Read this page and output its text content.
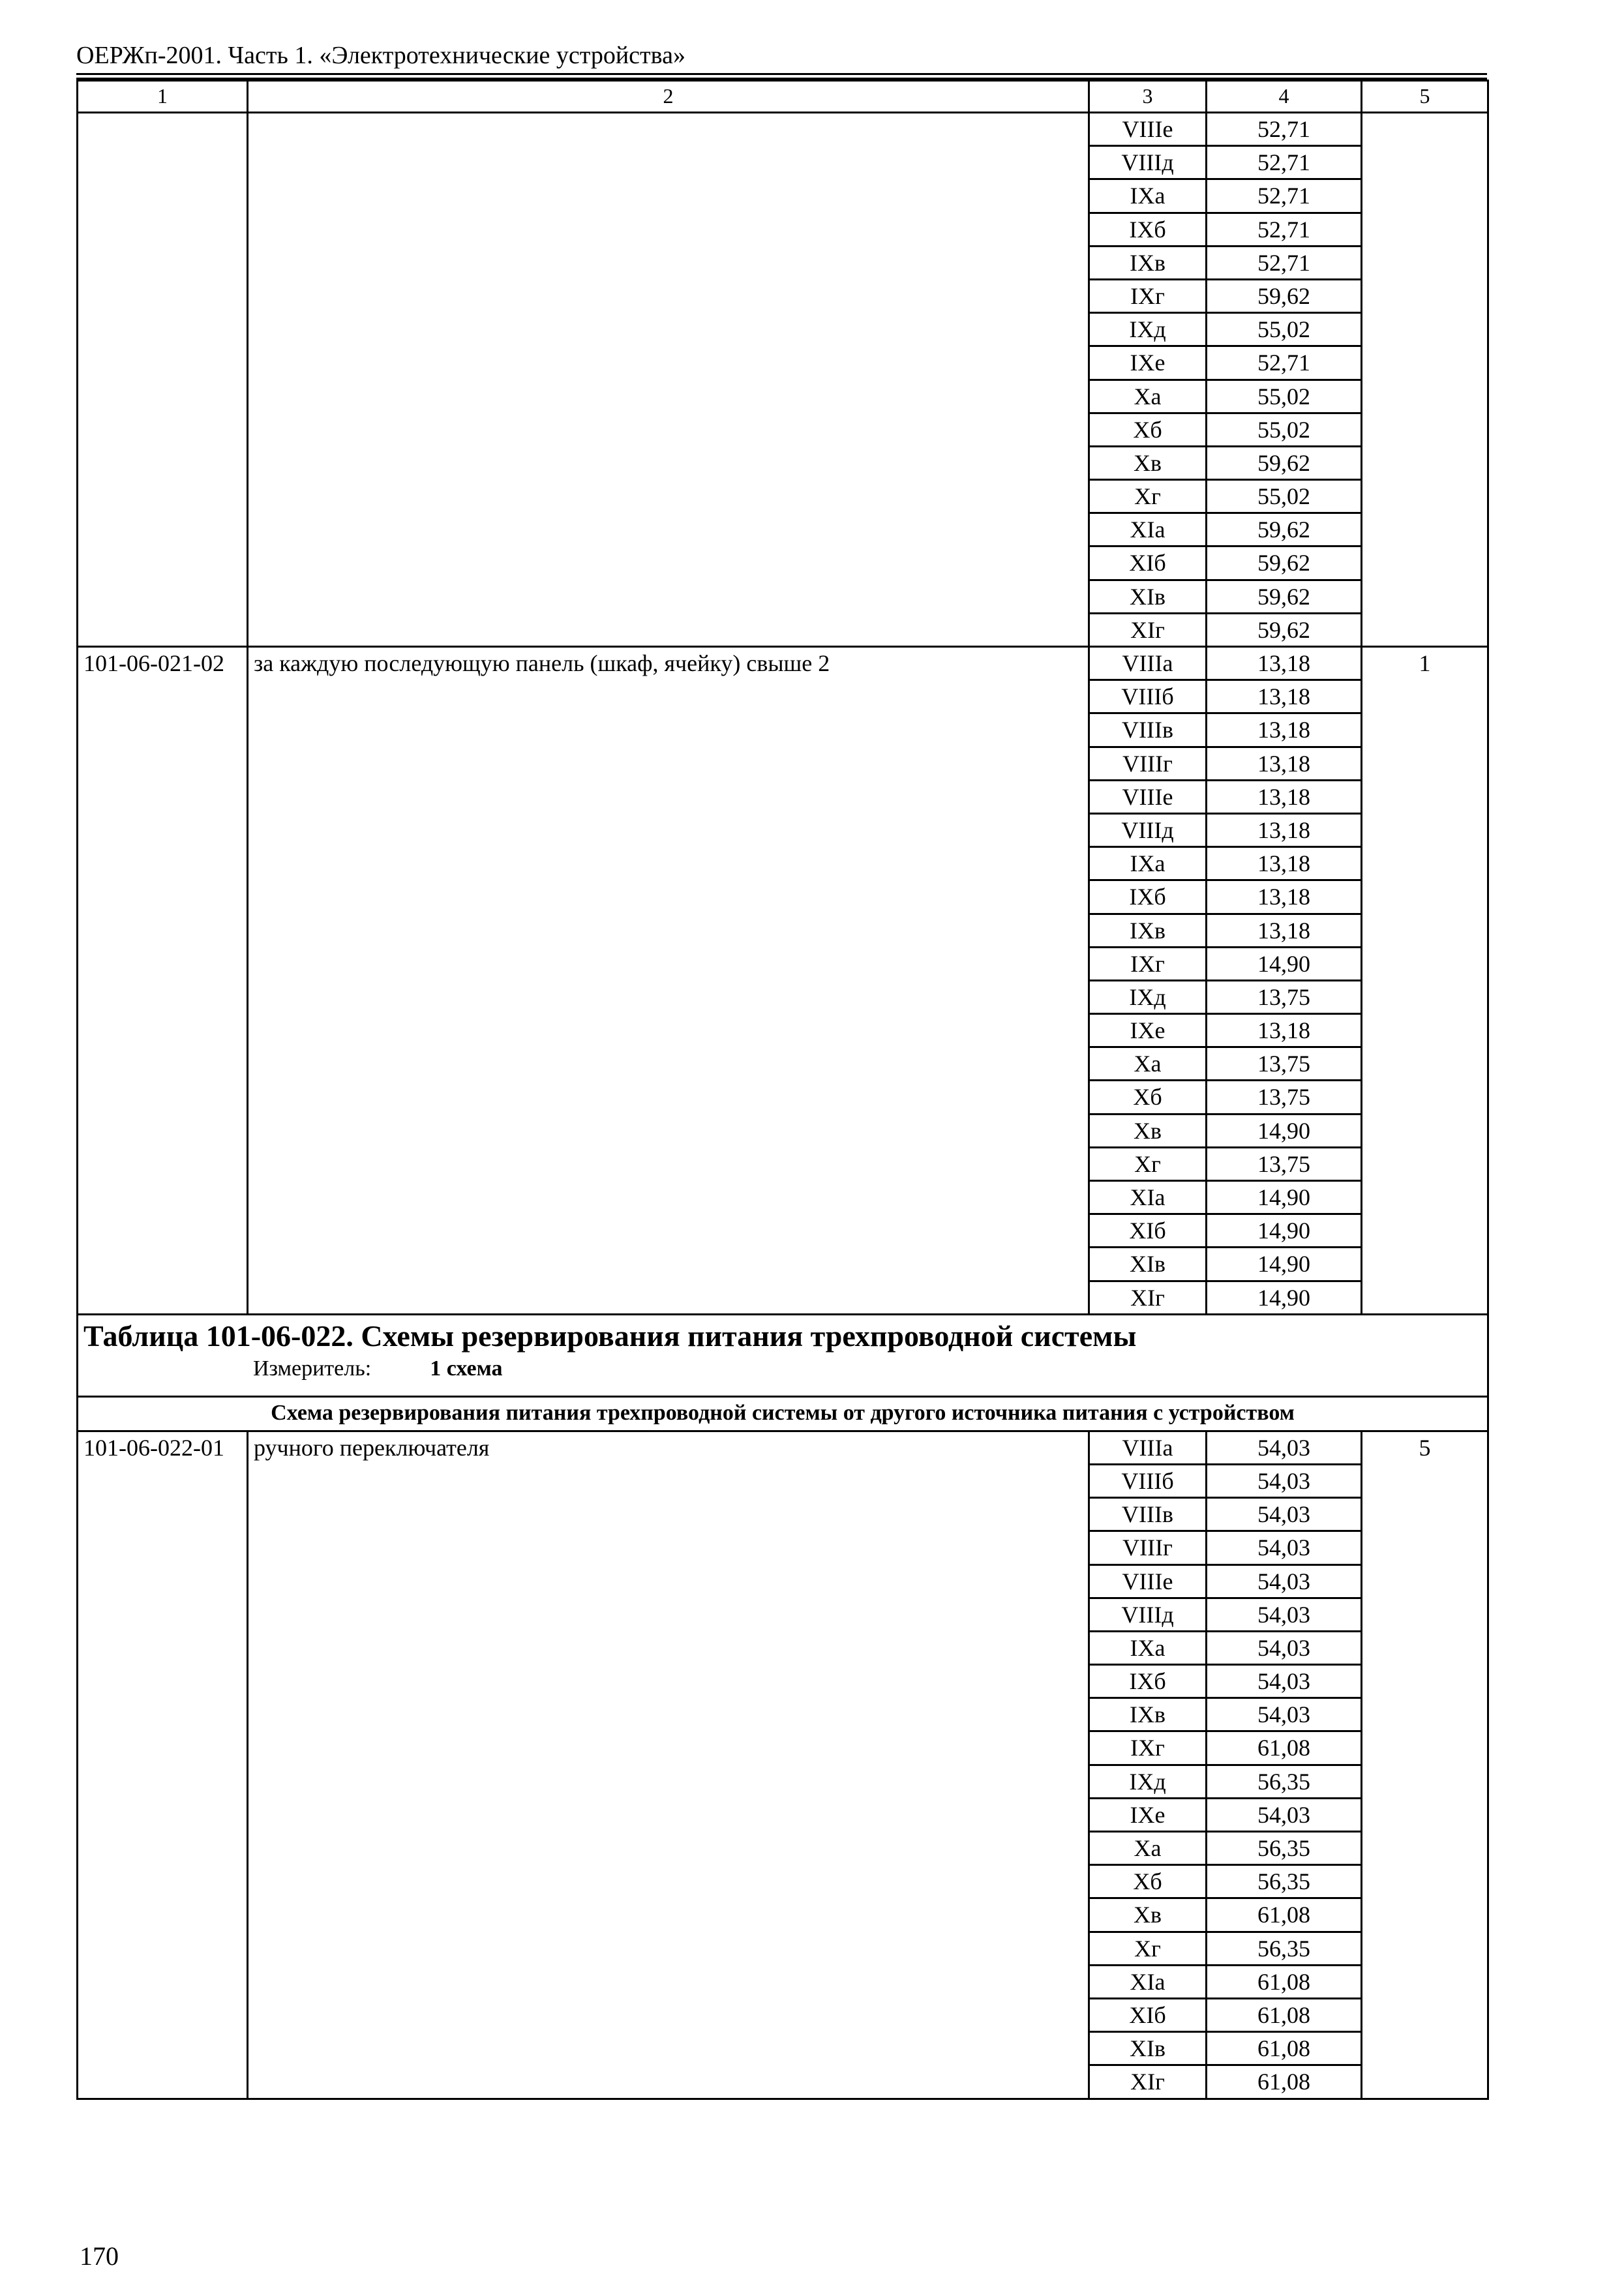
ОЕРЖп-2001. Часть 1. «Электротехнические устройства»
1	2	3	4	5
		VIIIе	52,71	
		VIIIд	52,71	
		IXа	52,71	
		IXб	52,71	
		IXв	52,71	
		IXг	59,62	
		IXд	55,02	
		IXе	52,71	
		Xа	55,02	
		Xб	55,02	
		Xв	59,62	
		Xг	55,02	
		XIа	59,62	
		XIб	59,62	
		XIв	59,62	
		XIг	59,62	
101-06-021-02	за каждую последующую панель (шкаф, ячейку) свыше 2	VIIIа	13,18	1
		VIIIб	13,18	
		VIIIв	13,18	
		VIIIг	13,18	
		VIIIе	13,18	
		VIIIд	13,18	
		IXа	13,18	
		IXб	13,18	
		IXв	13,18	
		IXг	14,90	
		IXд	13,75	
		IXе	13,18	
		Xа	13,75	
		Xб	13,75	
		Xв	14,90	
		Xг	13,75	
		XIа	14,90	
		XIб	14,90	
		XIв	14,90	
		XIг	14,90	

Таблица 101-06-022. Схемы резервирования питания трехпроводной системы
Измеритель: 1 схема				

Схема резервирования питания трехпроводной системы от другого источника питания с устройством				
101-06-022-01	ручного переключателя	VIIIа	54,03	5
		VIIIб	54,03	
		VIIIв	54,03	
		VIIIг	54,03	
		VIIIе	54,03	
		VIIIд	54,03	
		IXа	54,03	
		IXб	54,03	
		IXв	54,03	
		IXг	61,08	
		IXд	56,35	
		IXе	54,03	
		Xа	56,35	
		Xб	56,35	
		Xв	61,08	
		Xг	56,35	
		XIа	61,08	
		XIб	61,08	
		XIв	61,08	
		XIг	61,08	
170
